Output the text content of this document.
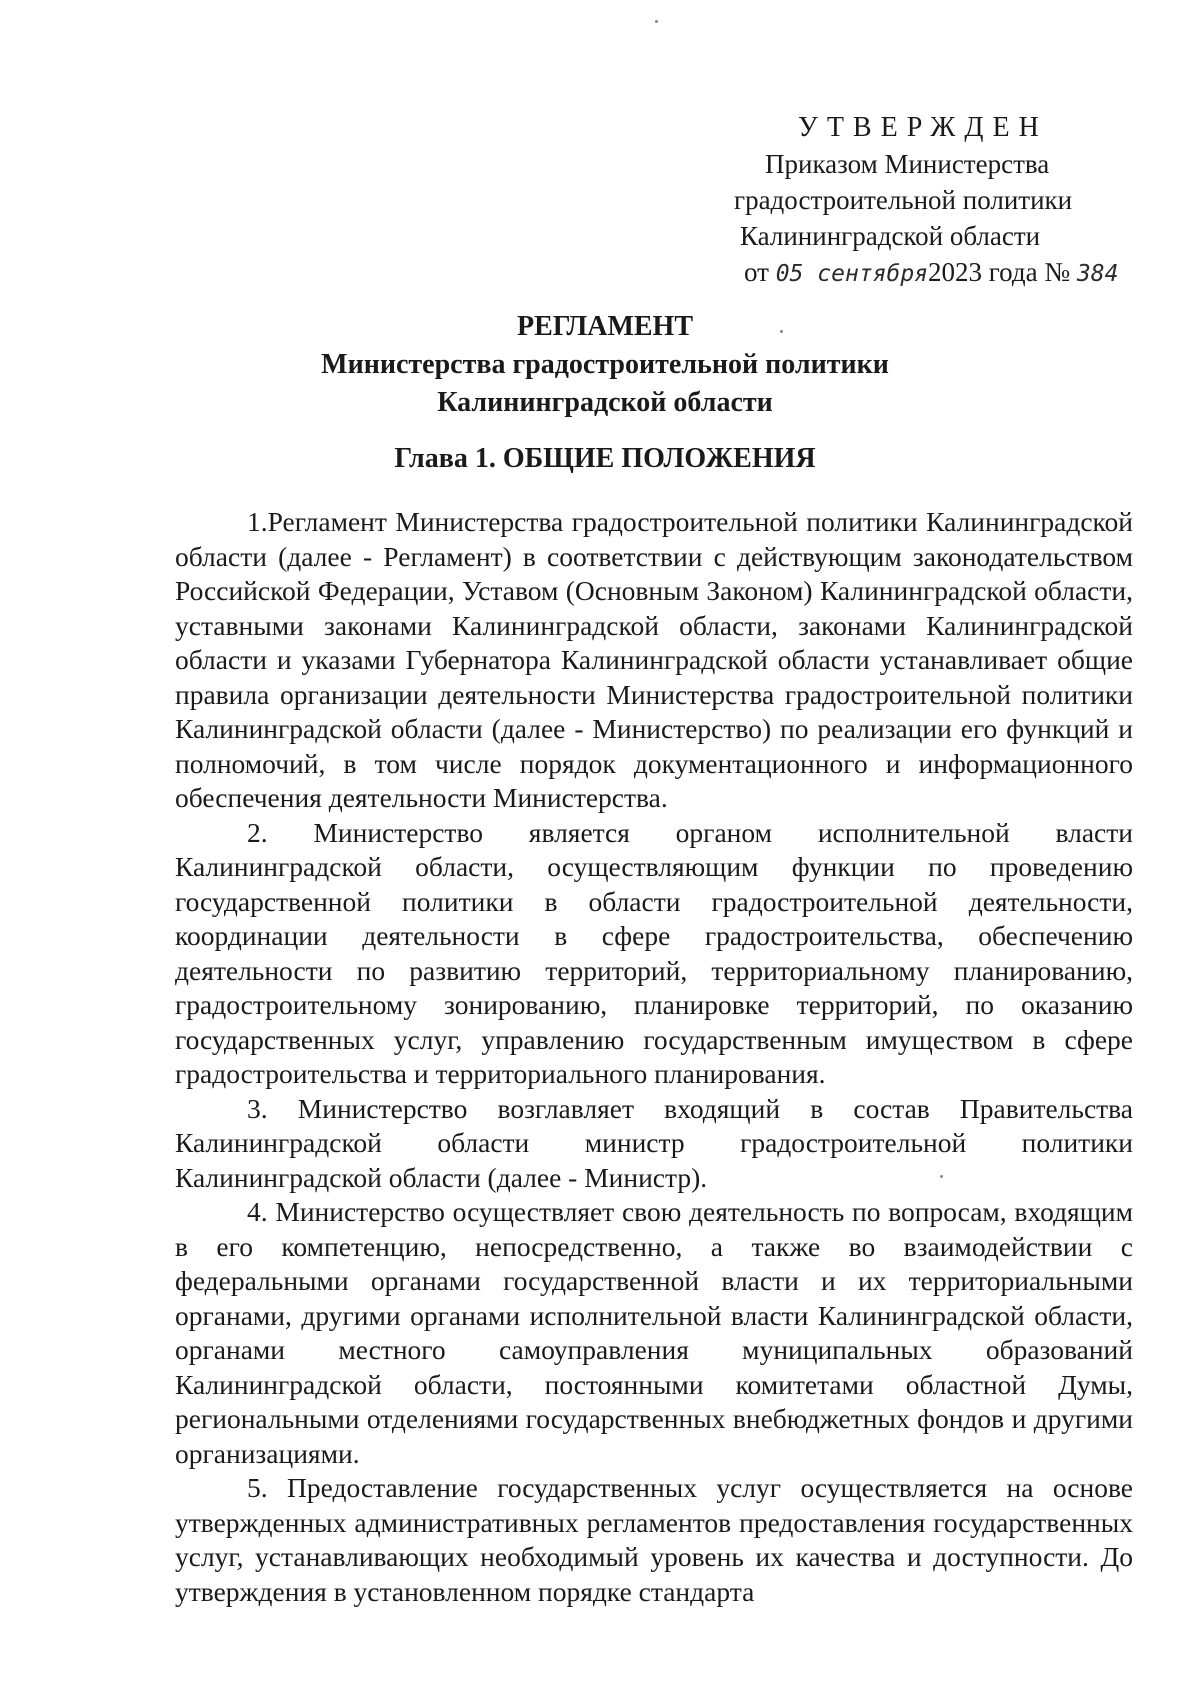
УТВЕРЖДЕН
Приказом Министерства
градостроительной политики
Калининградской области
от 05 сентября2023 года № 384
РЕГЛАМЕНТ
Министерства градостроительной политики
Калининградской области
Глава 1. ОБЩИЕ ПОЛОЖЕНИЯ

1.Регламент Министерства градостроительной политики Калининградской области (далее - Регламент) в соответствии с действующим законодательством Российской Федерации, Уставом (Основным Законом) Калининградской области, уставными законами Калининградской области, законами Калининградской области и указами Губернатора Калининградской области устанавливает общие правила организации деятельности Министерства градостроительной политики Калининградской области (далее - Министерство) по реализации его функций и полномочий, в том числе порядок документационного и информационного обеспечения деятельности Министерства.

2. Министерство является органом исполнительной власти Калининградской области, осуществляющим функции по проведению государственной политики в области градостроительной деятельности, координации деятельности в сфере градостроительства, обеспечению деятельности по развитию территорий, территориальному планированию, градостроительному зонированию, планировке территорий, по оказанию государственных услуг, управлению государственным имуществом в сфере градостроительства и территориального планирования.

3. Министерство возглавляет входящий в состав Правительства Калининградской области министр градостроительной политики Калининградской области (далее - Министр).

4. Министерство осуществляет свою деятельность по вопросам, входящим в его компетенцию, непосредственно, а также во взаимодействии с федеральными органами государственной власти и их территориальными органами, другими органами исполнительной власти Калининградской области, органами местного самоуправления муниципальных образований Калининградской области, постоянными комитетами областной Думы, региональными отделениями государственных внебюджетных фондов и другими организациями.

5. Предоставление государственных услуг осуществляется на основе утвержденных административных регламентов предоставления государственных услуг, устанавливающих необходимый уровень их качества и доступности. До утверждения в установленном порядке стандарта
